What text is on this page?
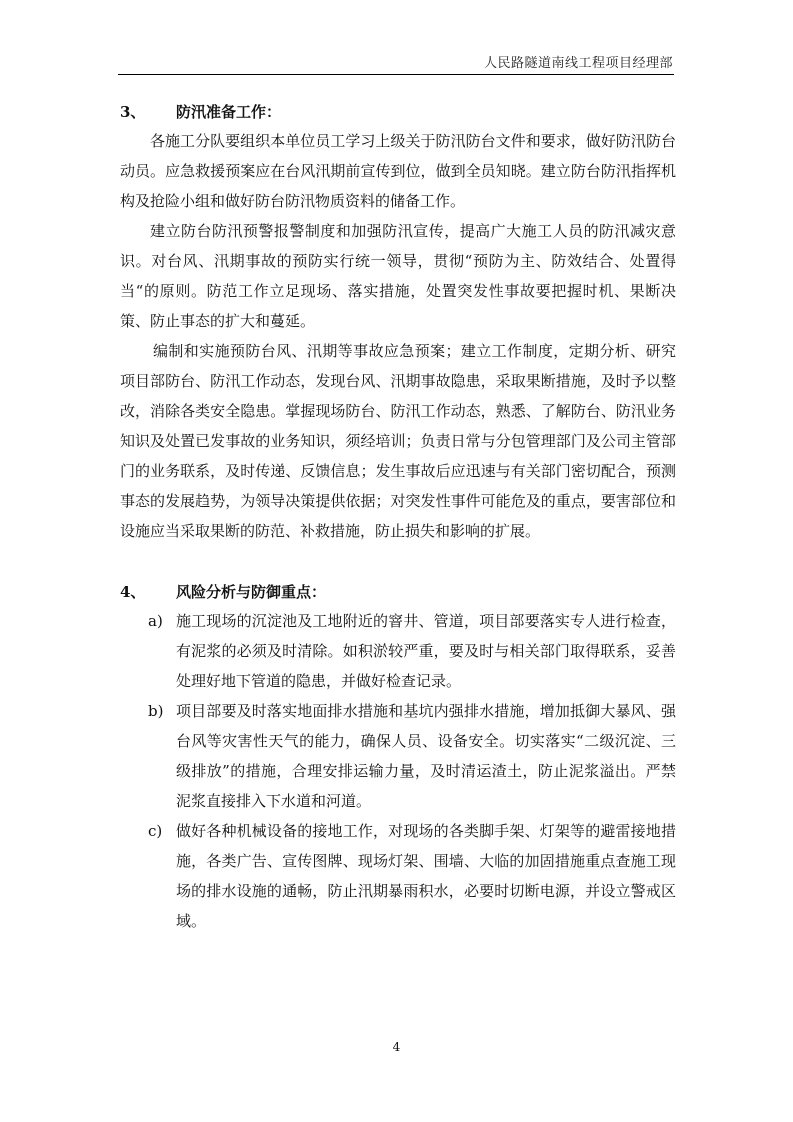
人民路隧道南线工程项目经理部
3、	防汛准备工作：

各施工分队要组织本单位员工学习上级关于防汛防台文件和要求，做好防汛防台动员。应急救援预案应在台风汛期前宣传到位，做到全员知晓。建立防台防汛指挥机构及抢险小组和做好防台防汛物质资料的储备工作。

建立防台防汛预警报警制度和加强防汛宣传，提高广大施工人员的防汛减灾意识。对台风、汛期事故的预防实行统一领导，贯彻“预防为主、防效结合、处置得当“的原则。防范工作立足现场、落实措施，处置突发性事故要把握时机、果断决策、防止事态的扩大和蔓延。

编制和实施预防台风、汛期等事故应急预案；建立工作制度，定期分析、研究项目部防台、防汛工作动态，发现台风、汛期事故隐患，采取果断措施，及时予以整改，消除各类安全隐患。掌握现场防台、防汛工作动态，熟悉、了解防台、防汛业务知识及处置已发事故的业务知识，须经培训；负责日常与分包管理部门及公司主管部门的业务联系，及时传递、反馈信息；发生事故后应迅速与有关部门密切配合，预测事态的发展趋势，为领导决策提供依据；对突发性事件可能危及的重点，要害部位和设施应当采取果断的防范、补救措施，防止损失和影响的扩展。

4、	风险分析与防御重点：
a) 施工现场的沉淀池及工地附近的窨井、管道，项目部要落实专人进行检查，有泥浆的必须及时清除。如积淤较严重，要及时与相关部门取得联系，妥善处理好地下管道的隐患，并做好检查记录。
b) 项目部要及时落实地面排水措施和基坑内强排水措施，增加抵御大暴风、强台风等灾害性天气的能力，确保人员、设备安全。切实落实“二级沉淀、三级排放”的措施，合理安排运输力量，及时清运渣土，防止泥浆溢出。严禁泥浆直接排入下水道和河道。
c) 做好各种机械设备的接地工作，对现场的各类脚手架、灯架等的避雷接地措施，各类广告、宣传图牌、现场灯架、围墙、大临的加固措施重点查施工现场的排水设施的通畅，防止汛期暴雨积水，必要时切断电源，并设立警戒区域。
4
